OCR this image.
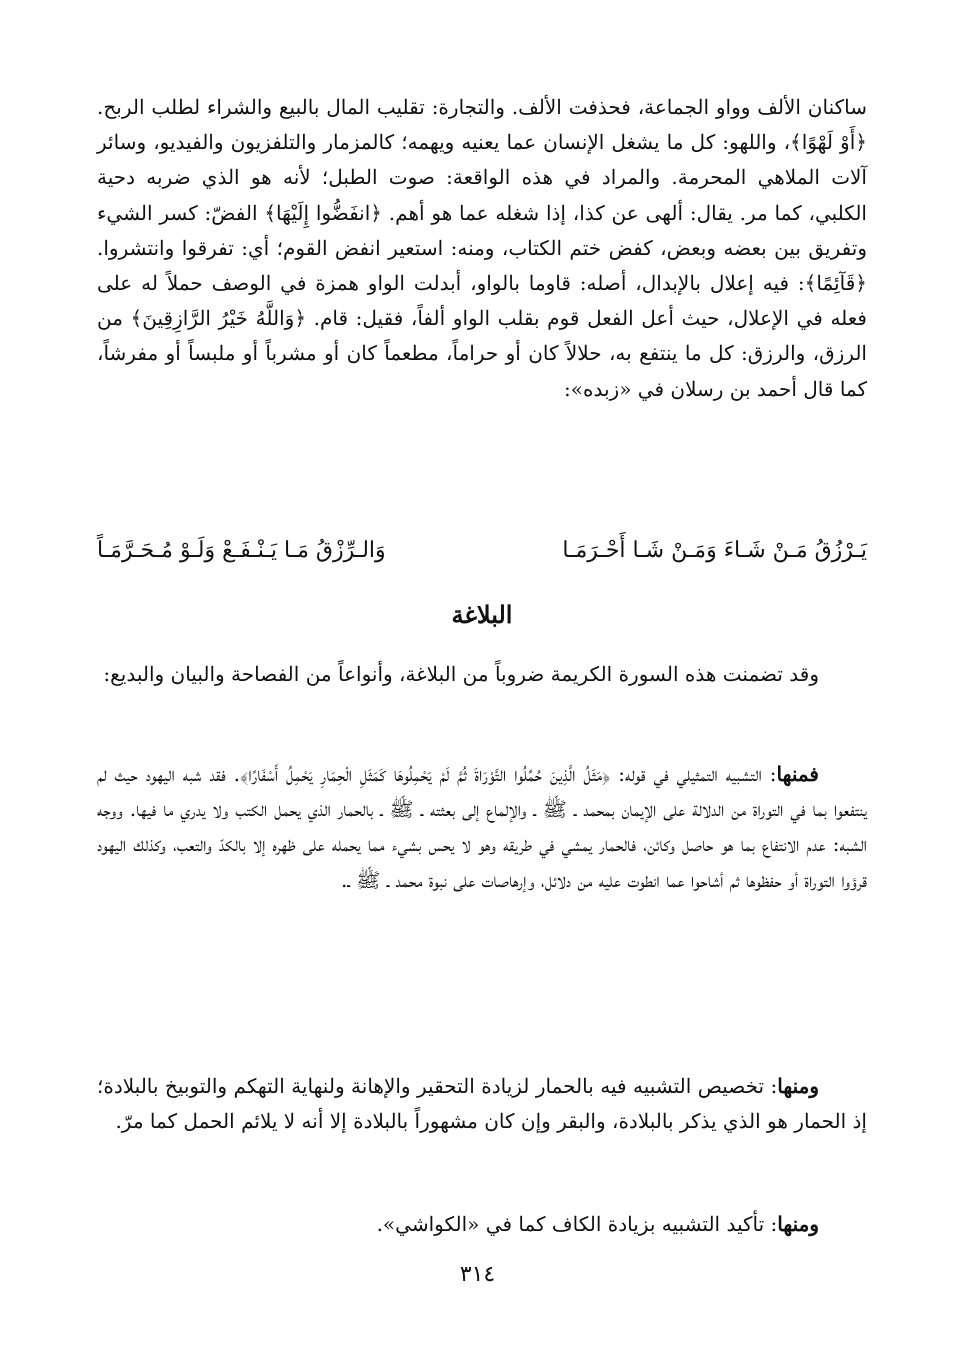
ساكنان الألف وواو الجماعة، فحذفت الألف. والتجارة: تقليب المال بالبيع والشراء لطلب الربح. ﴿أَوْ لَهْوًا﴾، واللهو: كل ما يشغل الإنسان عما يعنيه ويهمه؛ كالمزمار والتلفزيون والفيديو، وسائر آلات الملاهي المحرمة. والمراد في هذه الواقعة: صوت الطبل؛ لأنه هو الذي ضربه دحية الكلبي، كما مر. يقال: ألهى عن كذا، إذا شغله عما هو أهم. ﴿انفَضُّوا إِلَيْهَا﴾ الفضّ: كسر الشيء وتفريق بين بعضه وبعض، كفض ختم الكتاب، ومنه: استعير انفض القوم؛ أي: تفرقوا وانتشروا. ﴿قَآئِمًا﴾: فيه إعلال بالإبدال، أصله: قاوما بالواو، أبدلت الواو همزة في الوصف حملاً له على فعله في الإعلال، حيث أعل الفعل قوم بقلب الواو ألفاً، فقيل: قام. ﴿وَاللَّهُ خَيْرُ الرَّازِقِينَ﴾ من الرزق، والرزق: كل ما ينتفع به، حلالاً كان أو حراماً، مطعماً كان أو مشرباً أو ملبساً أو مفرشاً، كما قال أحمد بن رسلان في «زبده»:

يَـرْزُقُ مَـنْ شَـاءَ وَمَـنْ شَـا أَحْـرَمَـا
وَالـرِّزْقُ مَـا يَـنْـفَـعْ وَلَـوْ مُـحَـرَّمَـاً
البلاغة

وقد تضمنت هذه السورة الكريمة ضروباً من البلاغة، وأنواعاً من الفصاحة والبيان والبديع:

فمنها: التشبيه التمثيلي في قوله: ﴿مَثَلُ الَّذِينَ حُمِّلُوا التَّوْرَاةَ ثُمَّ لَمْ يَحْمِلُوهَا كَمَثَلِ الْحِمَارِ يَحْمِلُ أَسْفَارًا﴾. فقد شبه اليهود حيث لم ينتفعوا بما في التوراة من الدلالة على الإيمان بمحمد ـ ﷺ ـ والإلماع إلى بعثته ـ ﷺ ـ بالحمار الذي يحمل الكتب ولا يدري ما فيها. ووجه الشبه: عدم الانتفاع بما هو حاصل وكائن، فالحمار يمشي في طريقه وهو لا يحس بشيء مما يحمله على ظهره إلا بالكدّ والتعب، وكذلك اليهود قرؤوا التوراة أو حفظوها ثم أشاحوا عما انطوت عليه من دلائل، وإرهاصات على نبوة محمد ـ ﷺ ـ.

ومنها: تخصيص التشبيه فيه بالحمار لزيادة التحقير والإهانة ولنهاية التهكم والتوبيخ بالبلادة؛ إذ الحمار هو الذي يذكر بالبلادة، والبقر وإن كان مشهوراً بالبلادة إلا أنه لا يلائم الحمل كما مرّ.

ومنها: تأكيد التشبيه بزيادة الكاف كما في «الكواشي».

٣١٤
